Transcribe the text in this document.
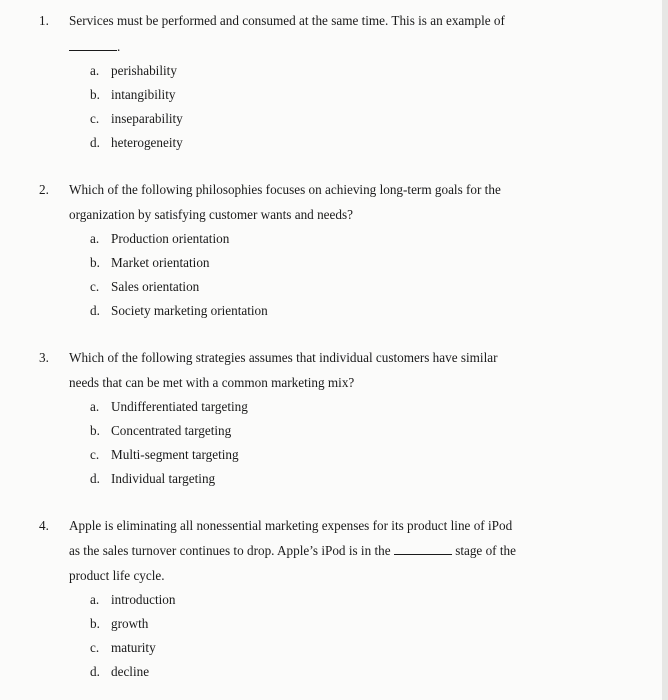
1. Services must be performed and consumed at the same time. This is an example of
.
a. perishability
b. intangibility
c. inseparability
d. heterogeneity
2. Which of the following philosophies focuses on achieving long-term goals for the
organization by satisfying customer wants and needs?
a. Production orientation
b. Market orientation
c. Sales orientation
d. Society marketing orientation
3. Which of the following strategies assumes that individual customers have similar
needs that can be met with a common marketing mix?
a. Undifferentiated targeting
b. Concentrated targeting
c. Multi-segment targeting
d. Individual targeting
4. Apple is eliminating all nonessential marketing expenses for its product line of iPod
as the sales turnover continues to drop. Apple’s iPod is in the	stage of the
product life cycle.
a. introduction
b. growth
c. maturity
d. decline
